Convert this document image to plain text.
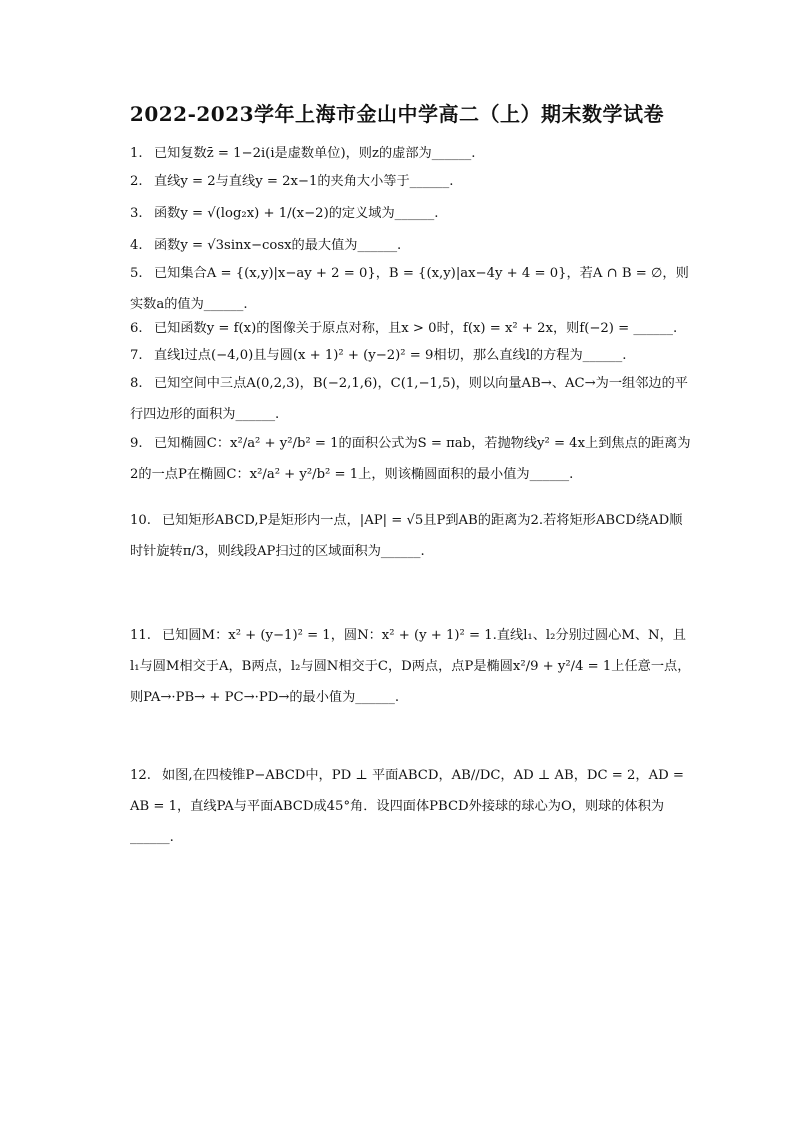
2022-2023学年上海市金山中学高二（上）期末数学试卷
1. 已知复数z̄ = 1−2i(i是虚数单位)，则z的虚部为______.
2. 直线y = 2与直线y = 2x−1的夹角大小等于______.
3. 函数y = √(log₂x) + 1/(x−2)的定义域为______.
4. 函数y = √3sinx−cosx的最大值为______.
5. 已知集合A = {(x,y)|x−ay + 2 = 0}，B = {(x,y)|ax−4y + 4 = 0}，若A ∩ B = ∅，则实数a的值为______.
6. 已知函数y = f(x)的图像关于原点对称，且x > 0时，f(x) = x² + 2x，则f(−2) = ______.
7. 直线l过点(−4,0)且与圆(x + 1)² + (y−2)² = 9相切，那么直线l的方程为______.
8. 已知空间中三点A(0,2,3)，B(−2,1,6)，C(1,−1,5)，则以向量AB→、AC→为一组邻边的平行四边形的面积为______.
9. 已知椭圆C：x²/a² + y²/b² = 1的面积公式为S = πab，若抛物线y² = 4x上到焦点的距离为2的一点P在椭圆C：x²/a² + y²/b² = 1上，则该椭圆面积的最小值为______.
10. 已知矩形ABCD,P是矩形内一点，|AP| = √5且P到AB的距离为2.若将矩形ABCD绕AD顺时针旋转π/3，则线段AP扫过的区域面积为______.
11. 已知圆M：x² + (y−1)² = 1，圆N：x² + (y + 1)² = 1.直线l₁、l₂分别过圆心M、N，且l₁与圆M相交于A，B两点，l₂与圆N相交于C，D两点，点P是椭圆x²/9 + y²/4 = 1上任意一点，则PA→·PB→ + PC→·PD→的最小值为______.
12. 如图,在四棱锥P−ABCD中，PD ⊥ 平面ABCD，AB//DC，AD ⊥ AB，DC = 2，AD = AB = 1，直线PA与平面ABCD成45°角．设四面体PBCD外接球的球心为O，则球的体积为______.
